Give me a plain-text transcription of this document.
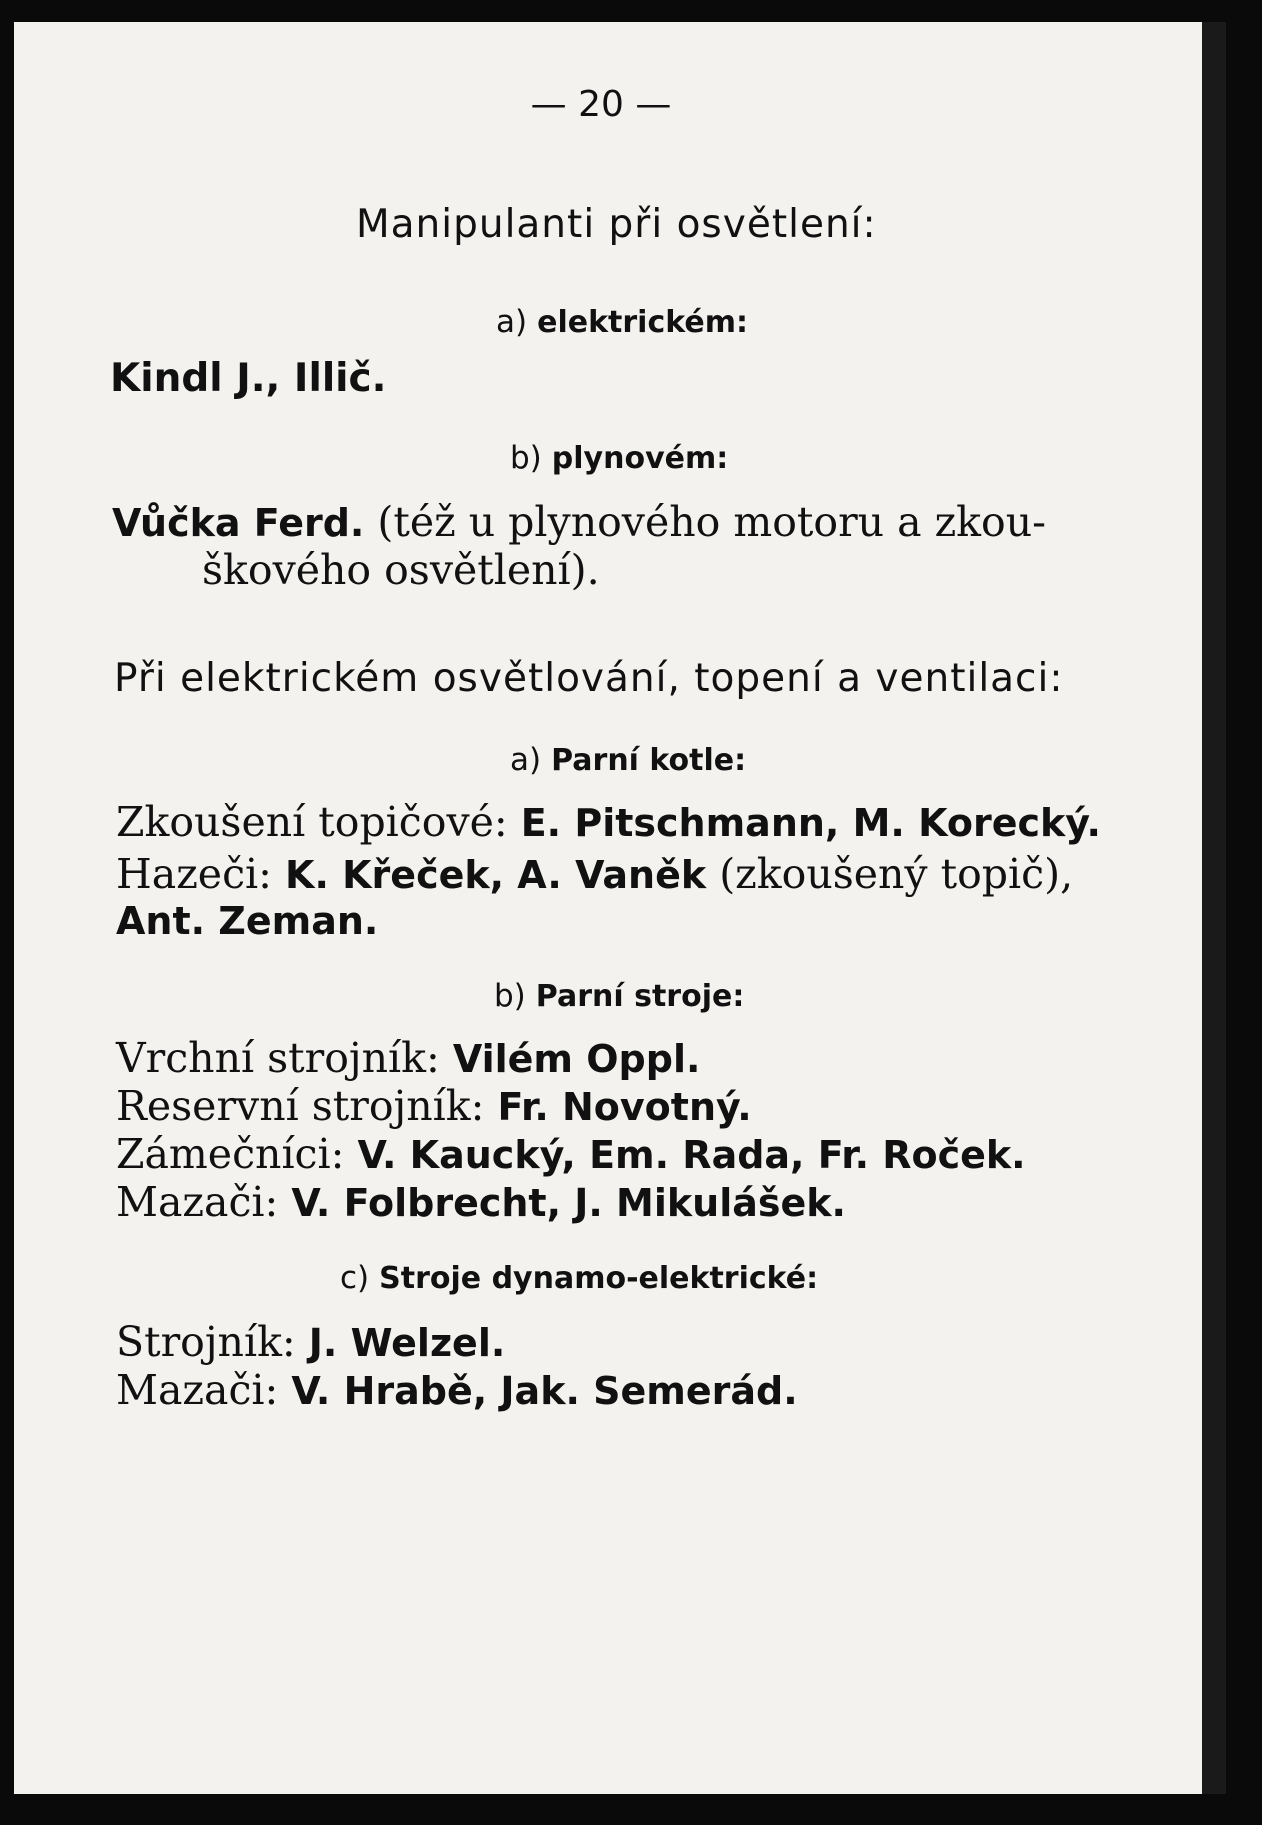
— 20 —

Manipulanti při osvětlení:

a) elektrickém:

Kindl J., Illič.

b) plynovém:

Vůčka Ferd. (též u plynového motoru a zkou-

škového osvětlení).

Při elektrickém osvětlování, topení a ventilaci:

a) Parní kotle:

Zkoušení topičové: E. Pitschmann, M. Korecký.

Hazeči: K. Křeček, A. Vaněk (zkoušený topič),

Ant. Zeman.

b) Parní stroje:

Vrchní strojník: Vilém Oppl.

Reservní strojník: Fr. Novotný.

Zámečníci: V. Kaucký, Em. Rada, Fr. Roček.

Mazači: V. Folbrecht, J. Mikulášek.

c) Stroje dynamo-elektrické:

Strojník: J. Welzel.

Mazači: V. Hrabě, Jak. Semerád.
